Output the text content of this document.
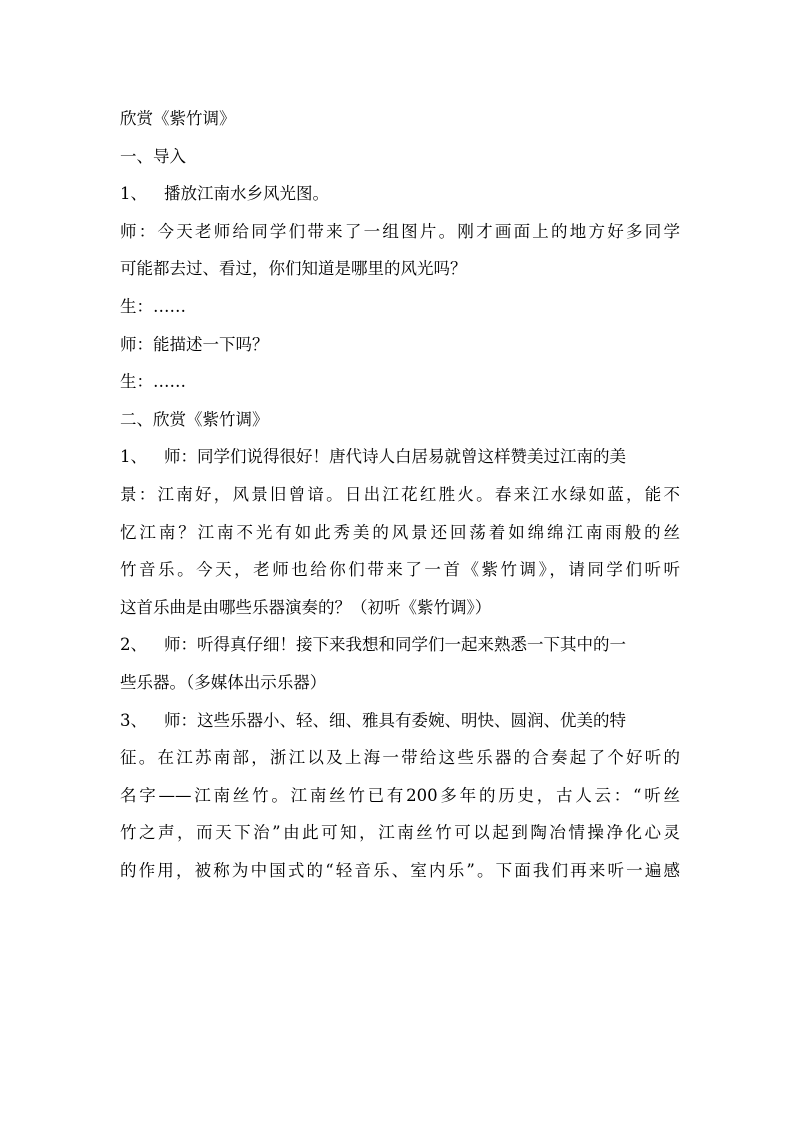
欣赏《紫竹调》
一、导入
1、 播放江南水乡风光图。
师：今天老师给同学们带来了一组图片。刚才画面上的地方好多同学
可能都去过、看过，你们知道是哪里的风光吗？
生：……
师：能描述一下吗？
生：……
二、欣赏《紫竹调》
1、 师：同学们说得很好！唐代诗人白居易就曾这样赞美过江南的美
景：江南好，风景旧曾谙。日出江花红胜火。春来江水绿如蓝，能不
忆江南？江南不光有如此秀美的风景还回荡着如绵绵江南雨般的丝
竹音乐。今天，老师也给你们带来了一首《紫竹调》，请同学们听听
这首乐曲是由哪些乐器演奏的？（初听《紫竹调》）
2、 师：听得真仔细！接下来我想和同学们一起来熟悉一下其中的一
些乐器。（多媒体出示乐器）
3、 师：这些乐器小、轻、细、雅具有委婉、明快、圆润、优美的特
征。在江苏南部，浙江以及上海一带给这些乐器的合奏起了个好听的
名字——江南丝竹。江南丝竹已有200多年的历史，古人云：“听丝
竹之声，而天下治”由此可知，江南丝竹可以起到陶冶情操净化心灵
的作用，被称为中国式的“轻音乐、室内乐”。下面我们再来听一遍感
